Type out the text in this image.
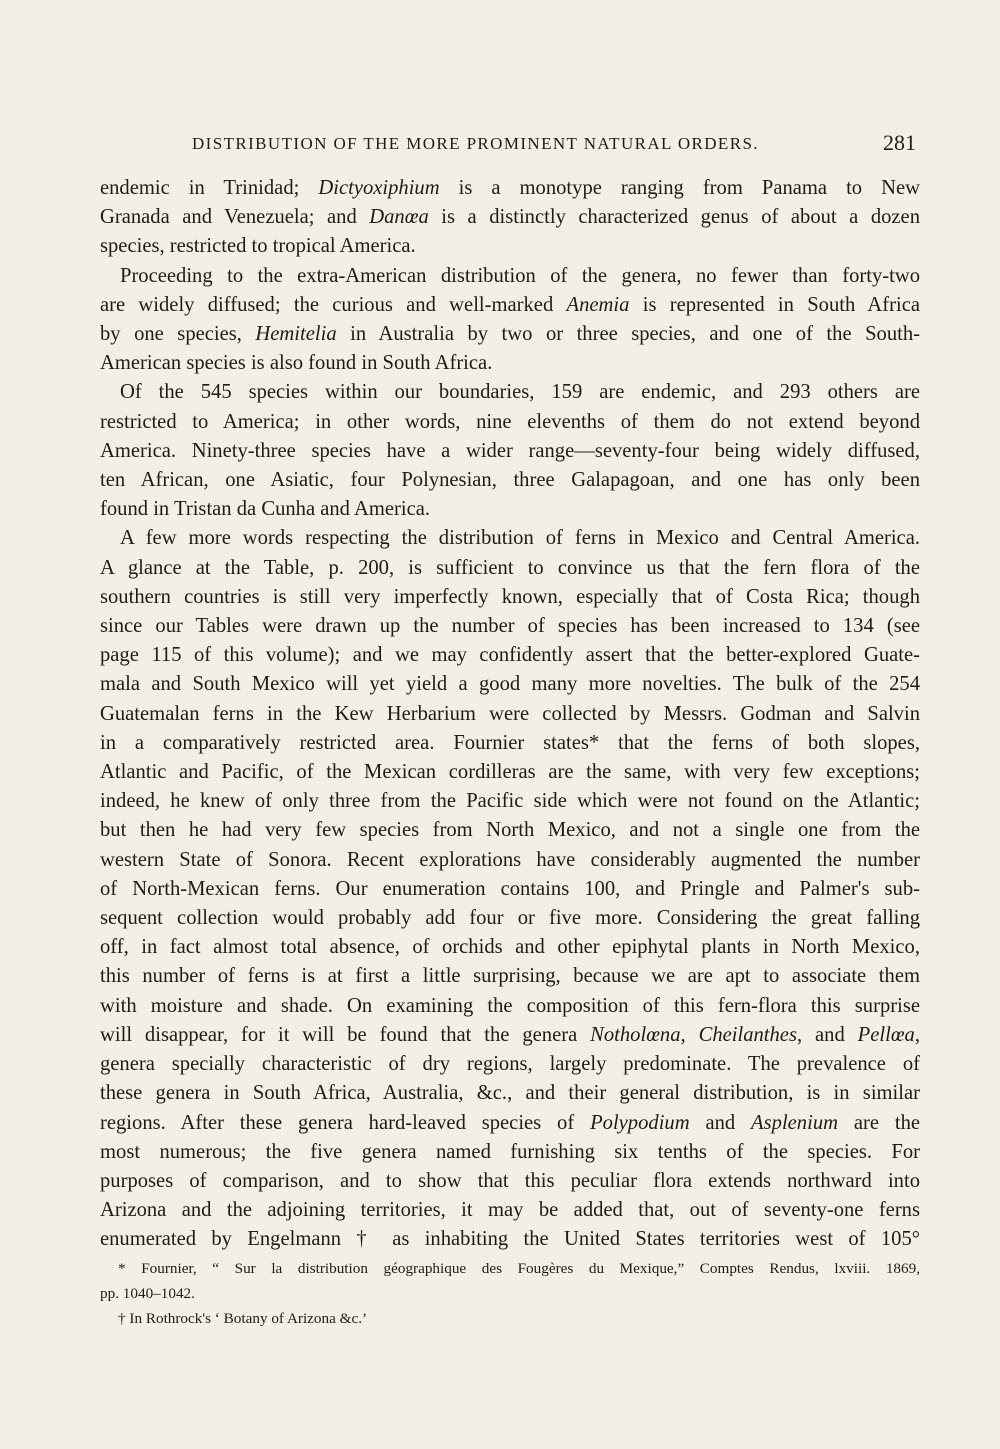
DISTRIBUTION OF THE MORE PROMINENT NATURAL ORDERS.	281
endemic in Trinidad; Dictyoxiphium is a monotype ranging from Panama to New
Granada and Venezuela; and Danœa is a distinctly characterized genus of about a dozen
species, restricted to tropical America.
Proceeding to the extra-American distribution of the genera, no fewer than forty-two
are widely diffused; the curious and well-marked Anemia is represented in South Africa
by one species, Hemitelia in Australia by two or three species, and one of the South-
American species is also found in South Africa.
Of the 545 species within our boundaries, 159 are endemic, and 293 others are
restricted to America; in other words, nine elevenths of them do not extend beyond
America. Ninety-three species have a wider range—seventy-four being widely diffused,
ten African, one Asiatic, four Polynesian, three Galapagoan, and one has only been
found in Tristan da Cunha and America.
A few more words respecting the distribution of ferns in Mexico and Central America.
A glance at the Table, p. 200, is sufficient to convince us that the fern flora of the
southern countries is still very imperfectly known, especially that of Costa Rica; though
since our Tables were drawn up the number of species has been increased to 134 (see
page 115 of this volume); and we may confidently assert that the better-explored Guate-
mala and South Mexico will yet yield a good many more novelties. The bulk of the 254
Guatemalan ferns in the Kew Herbarium were collected by Messrs. Godman and Salvin
in a comparatively restricted area. Fournier states* that the ferns of both slopes,
Atlantic and Pacific, of the Mexican cordilleras are the same, with very few exceptions;
indeed, he knew of only three from the Pacific side which were not found on the Atlantic;
but then he had very few species from North Mexico, and not a single one from the
western State of Sonora. Recent explorations have considerably augmented the number
of North-Mexican ferns. Our enumeration contains 100, and Pringle and Palmer's sub-
sequent collection would probably add four or five more. Considering the great falling
off, in fact almost total absence, of orchids and other epiphytal plants in North Mexico,
this number of ferns is at first a little surprising, because we are apt to associate them
with moisture and shade. On examining the composition of this fern-flora this surprise
will disappear, for it will be found that the genera Notholœna, Cheilanthes, and Pellœa,
genera specially characteristic of dry regions, largely predominate. The prevalence of
these genera in South Africa, Australia, &c., and their general distribution, is in similar
regions. After these genera hard-leaved species of Polypodium and Asplenium are the
most numerous; the five genera named furnishing six tenths of the species. For
purposes of comparison, and to show that this peculiar flora extends northward into
Arizona and the adjoining territories, it may be added that, out of seventy-one ferns
enumerated by Engelmann † as inhabiting the United States territories west of 105°
* Fournier, “ Sur la distribution géographique des Fougères du Mexique,” Comptes Rendus, lxviii. 1869,
pp. 1040–1042.
† In Rothrock's ‘ Botany of Arizona &c.’
